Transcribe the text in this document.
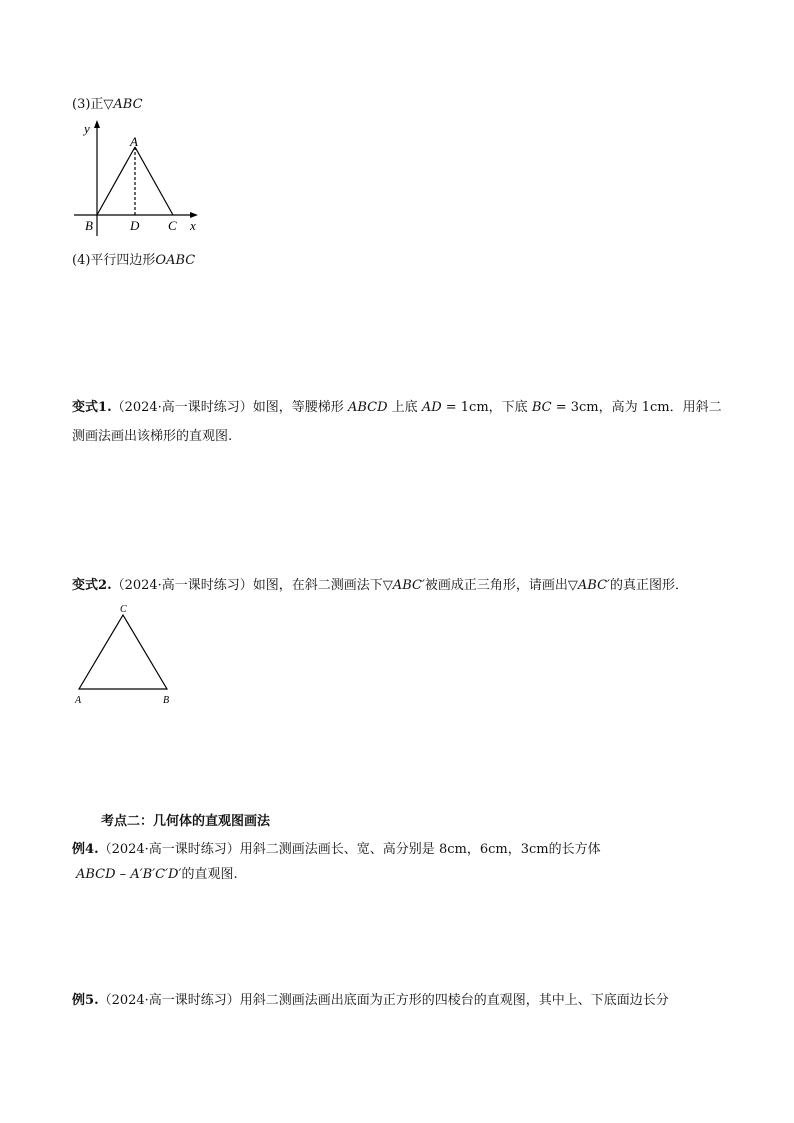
(3)正▽ABC
y
x
A
B	D C
(4)平行四边形OABC
变式1.（2024·高一课时练习）如图，等腰梯形 ABCD 上底 AD = 1cm，下底 BC = 3cm，高为 1cm．用斜二
测画法画出该梯形的直观图.
变式2.（2024·高一课时练习）如图，在斜二测画法下▽ABC′被画成正三角形，请画出▽ABC′的真正图形．
C
A	B
考点二：几何体的直观图画法
例4.（2024·高一课时练习）用斜二测画法画长、宽、高分别是 8cm，6cm，3cm的长方体
ABCD – A′B′C′D′的直观图.
例5.（2024·高一课时练习）用斜二测画法画出底面为正方形的四棱台的直观图，其中上、下底面边长分
